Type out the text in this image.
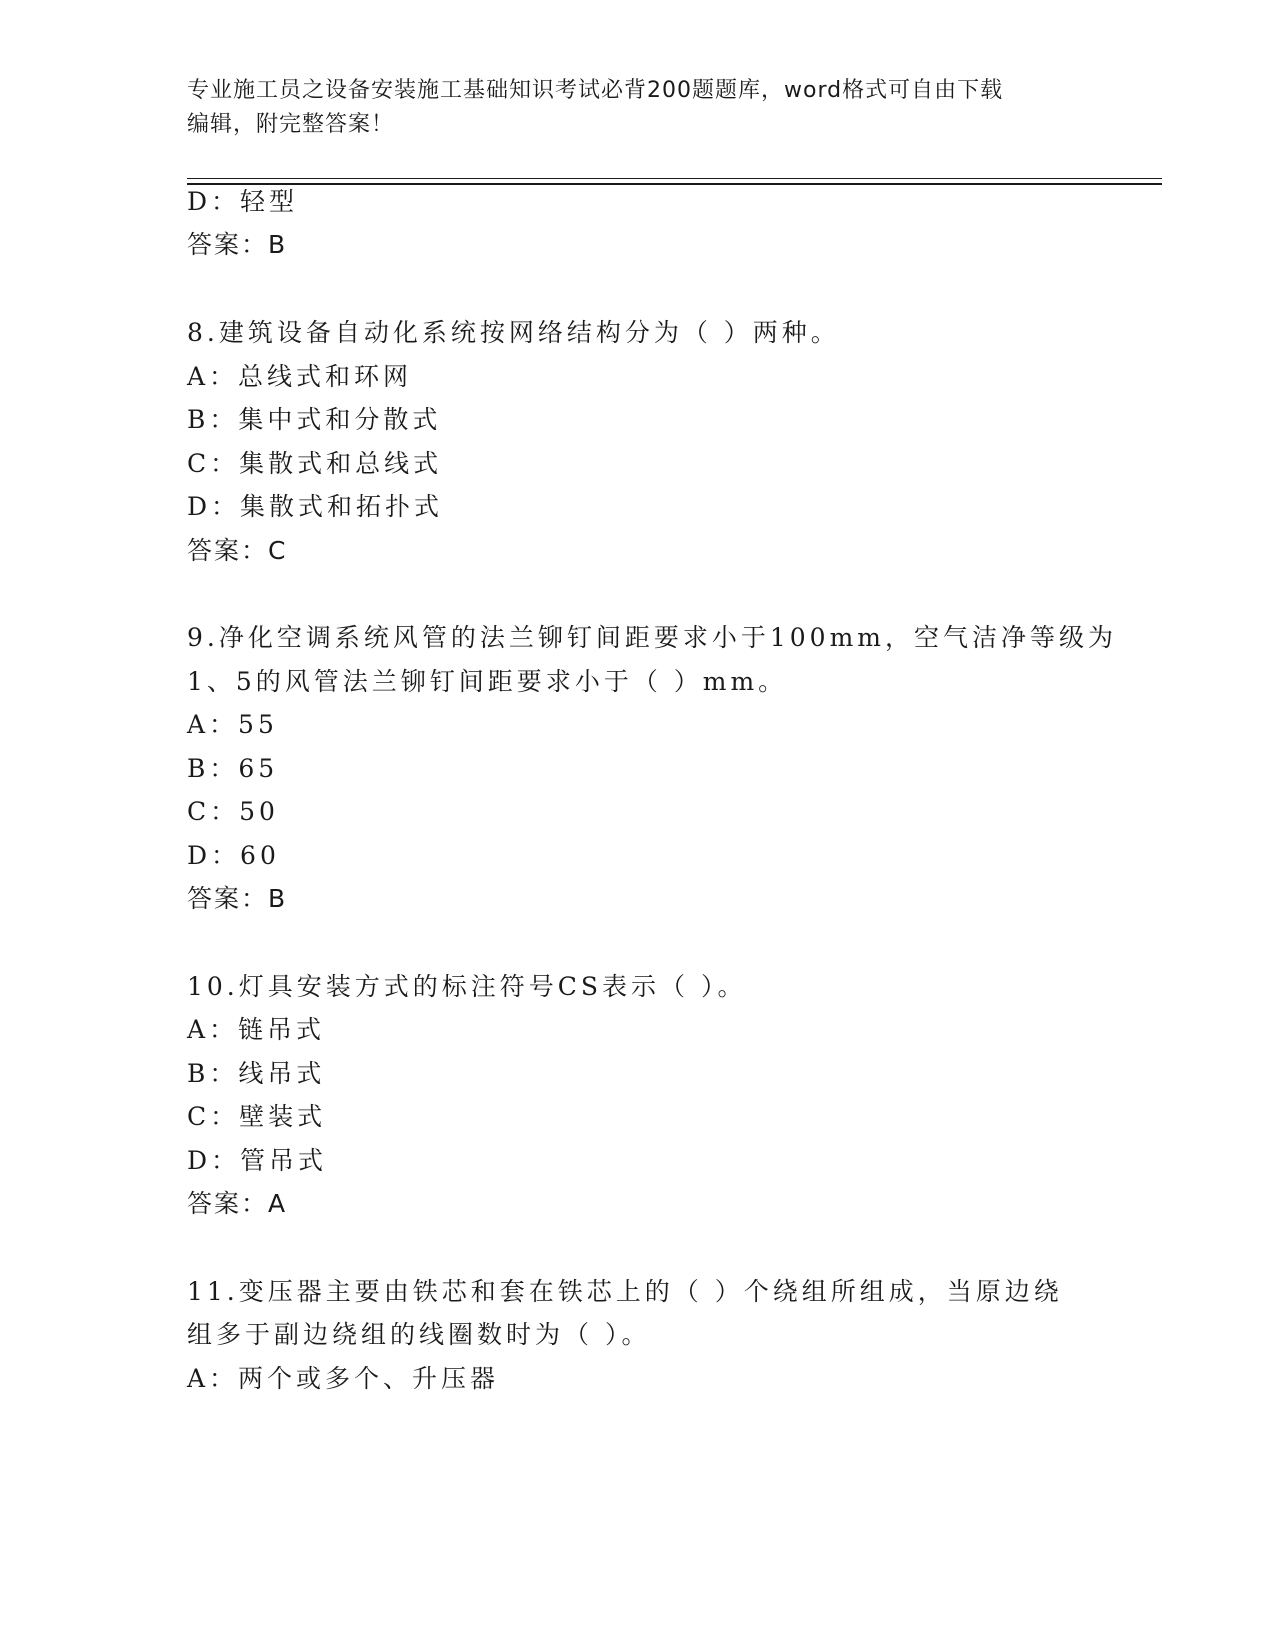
专业施工员之设备安装施工基础知识考试必背200题题库，word格式可自由下载
编辑，附完整答案！
D：轻型
答案：B
8.建筑设备自动化系统按网络结构分为（ ）两种。
A：总线式和环网
B：集中式和分散式
C：集散式和总线式
D：集散式和拓扑式
答案：C
9.净化空调系统风管的法兰铆钉间距要求小于100mm，空气洁净等级为
1、5的风管法兰铆钉间距要求小于（ ）mm。
A：55
B：65
C：50
D：60
答案：B
10.灯具安装方式的标注符号CS表示（ ）。
A：链吊式
B：线吊式
C：壁装式
D：管吊式
答案：A
11.变压器主要由铁芯和套在铁芯上的（ ）个绕组所组成，当原边绕
组多于副边绕组的线圈数时为（ ）。
A：两个或多个、升压器
